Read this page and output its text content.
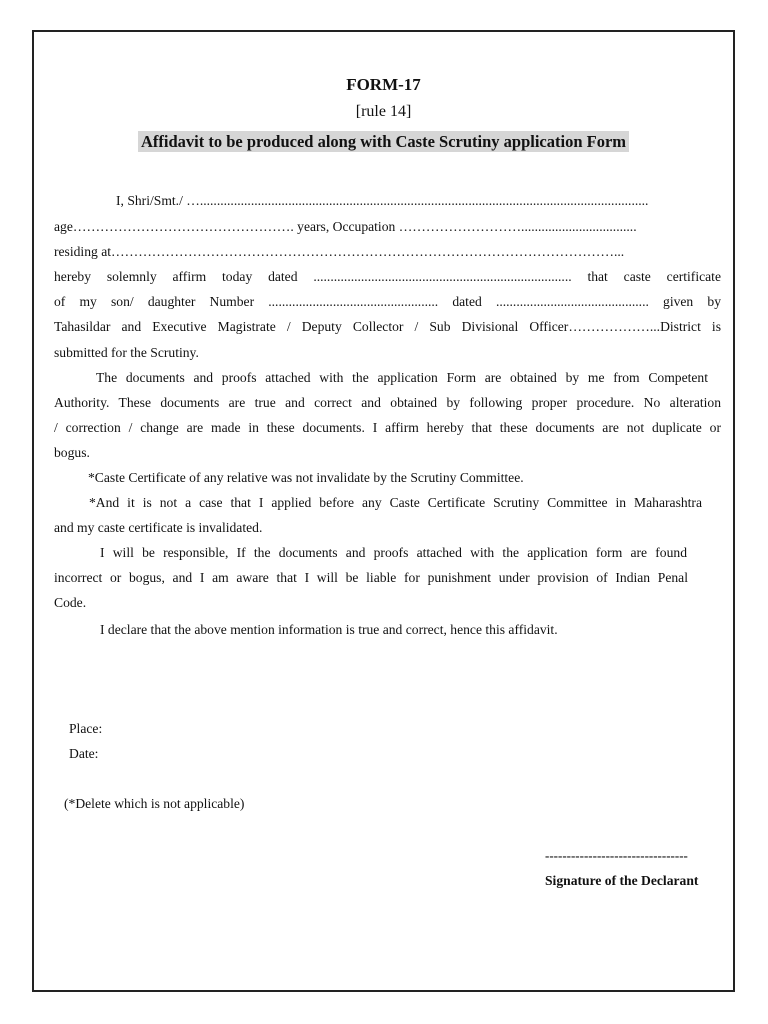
FORM-17
[rule 14]
Affidavit to be produced along with Caste Scrutiny application Form
I, Shri/Smt./ …....................................................................................................................................
age…………………………………………. years, Occupation ………………………..................................
residing at…………………………………………………………………………………………………...
hereby solemnly affirm today dated ............................................................................ that caste certificate
of my son/ daughter Number .................................................. dated ............................................. given by
Tahasildar and Executive Magistrate / Deputy Collector / Sub Divisional Officer………………...District is
submitted for the Scrutiny.
The documents and proofs attached with the application Form are obtained by me from Competent
Authority. These documents are true and correct and obtained by following proper procedure. No alteration
/ correction / change are made in these documents. I affirm hereby that these documents are not duplicate or
bogus.
*Caste Certificate of any relative was not invalidate by the Scrutiny Committee.
*And it is not a case that I applied before any Caste Certificate Scrutiny Committee in Maharashtra
and my caste certificate is invalidated.
I will be responsible, If the documents and proofs attached with the application form are found
incorrect or bogus, and I am aware that I will be liable for punishment under provision of Indian Penal
Code.
I declare that the above mention information is true and correct, hence this affidavit.
Place:
Date:
(*Delete which is not applicable)
---------------------------------
Signature of the Declarant
